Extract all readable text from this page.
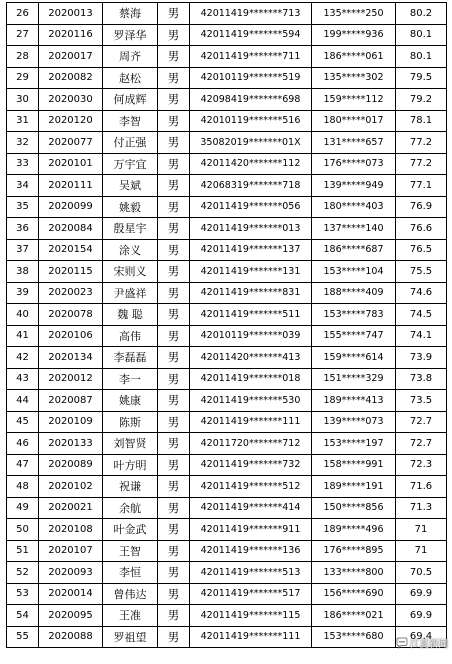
26	2020013	蔡海	男	42011419*******713	135*****250	80.2
27	2020116	罗泽华	男	42011419*******594	199*****936	80.1
28	2020017	周齐	男	42011419*******711	186*****061	80.1
29	2020082	赵松	男	42010119*******519	135*****302	79.5
30	2020030	何成辉	男	42098419*******698	159*****112	79.2
31	2020120	李智	男	42010119*******516	180*****017	78.1
32	2020077	付正强	男	35082019*******01X	131*****657	77.2
33	2020101	万宇宜	男	42011420*******112	176*****073	77.2
34	2020111	吴斌	男	42068319*******718	139*****949	77.1
35	2020099	姚毅	男	42011419*******056	180*****403	76.9
36	2020084	殷星宇	男	42011419*******013	137*****140	76.6
37	2020154	涂义	男	42011419*******137	186*****687	76.5
38	2020115	宋则义	男	42011419*******131	153*****104	75.5
39	2020023	尹盛祥	男	42011419*******831	188*****409	74.6
40	2020078	魏 聪	男	42011419*******511	153*****783	74.5
41	2020106	高伟	男	42010119*******039	155*****747	74.1
42	2020134	李磊磊	男	42011420*******413	159*****614	73.9
43	2020012	李一	男	42011419*******018	151*****329	73.8
44	2020087	姚康	男	42011419*******530	189*****413	73.5
45	2020109	陈斯	男	42011419*******111	139*****073	72.7
46	2020133	刘智贤	男	42011720*******712	153*****197	72.7
47	2020089	叶方明	男	42011419*******732	158*****991	72.3
48	2020102	祝谦	男	42011419*******512	189*****191	71.6
49	2020021	余航	男	42011419*******414	150*****856	71.3
50	2020108	叶金武	男	42011419*******911	189*****496	71
51	2020107	王智	男	42011419*******136	176*****895	71
52	2020093	李恒	男	42011419*******513	133*****800	70.5
53	2020014	曾伟达	男	42011419*******517	156*****690	69.9
54	2020095	王准	男	42011419*******115	186*****021	69.9
55	2020088	罗祖望	男	42011419*******111	153*****680	69.4
江夏新闻
